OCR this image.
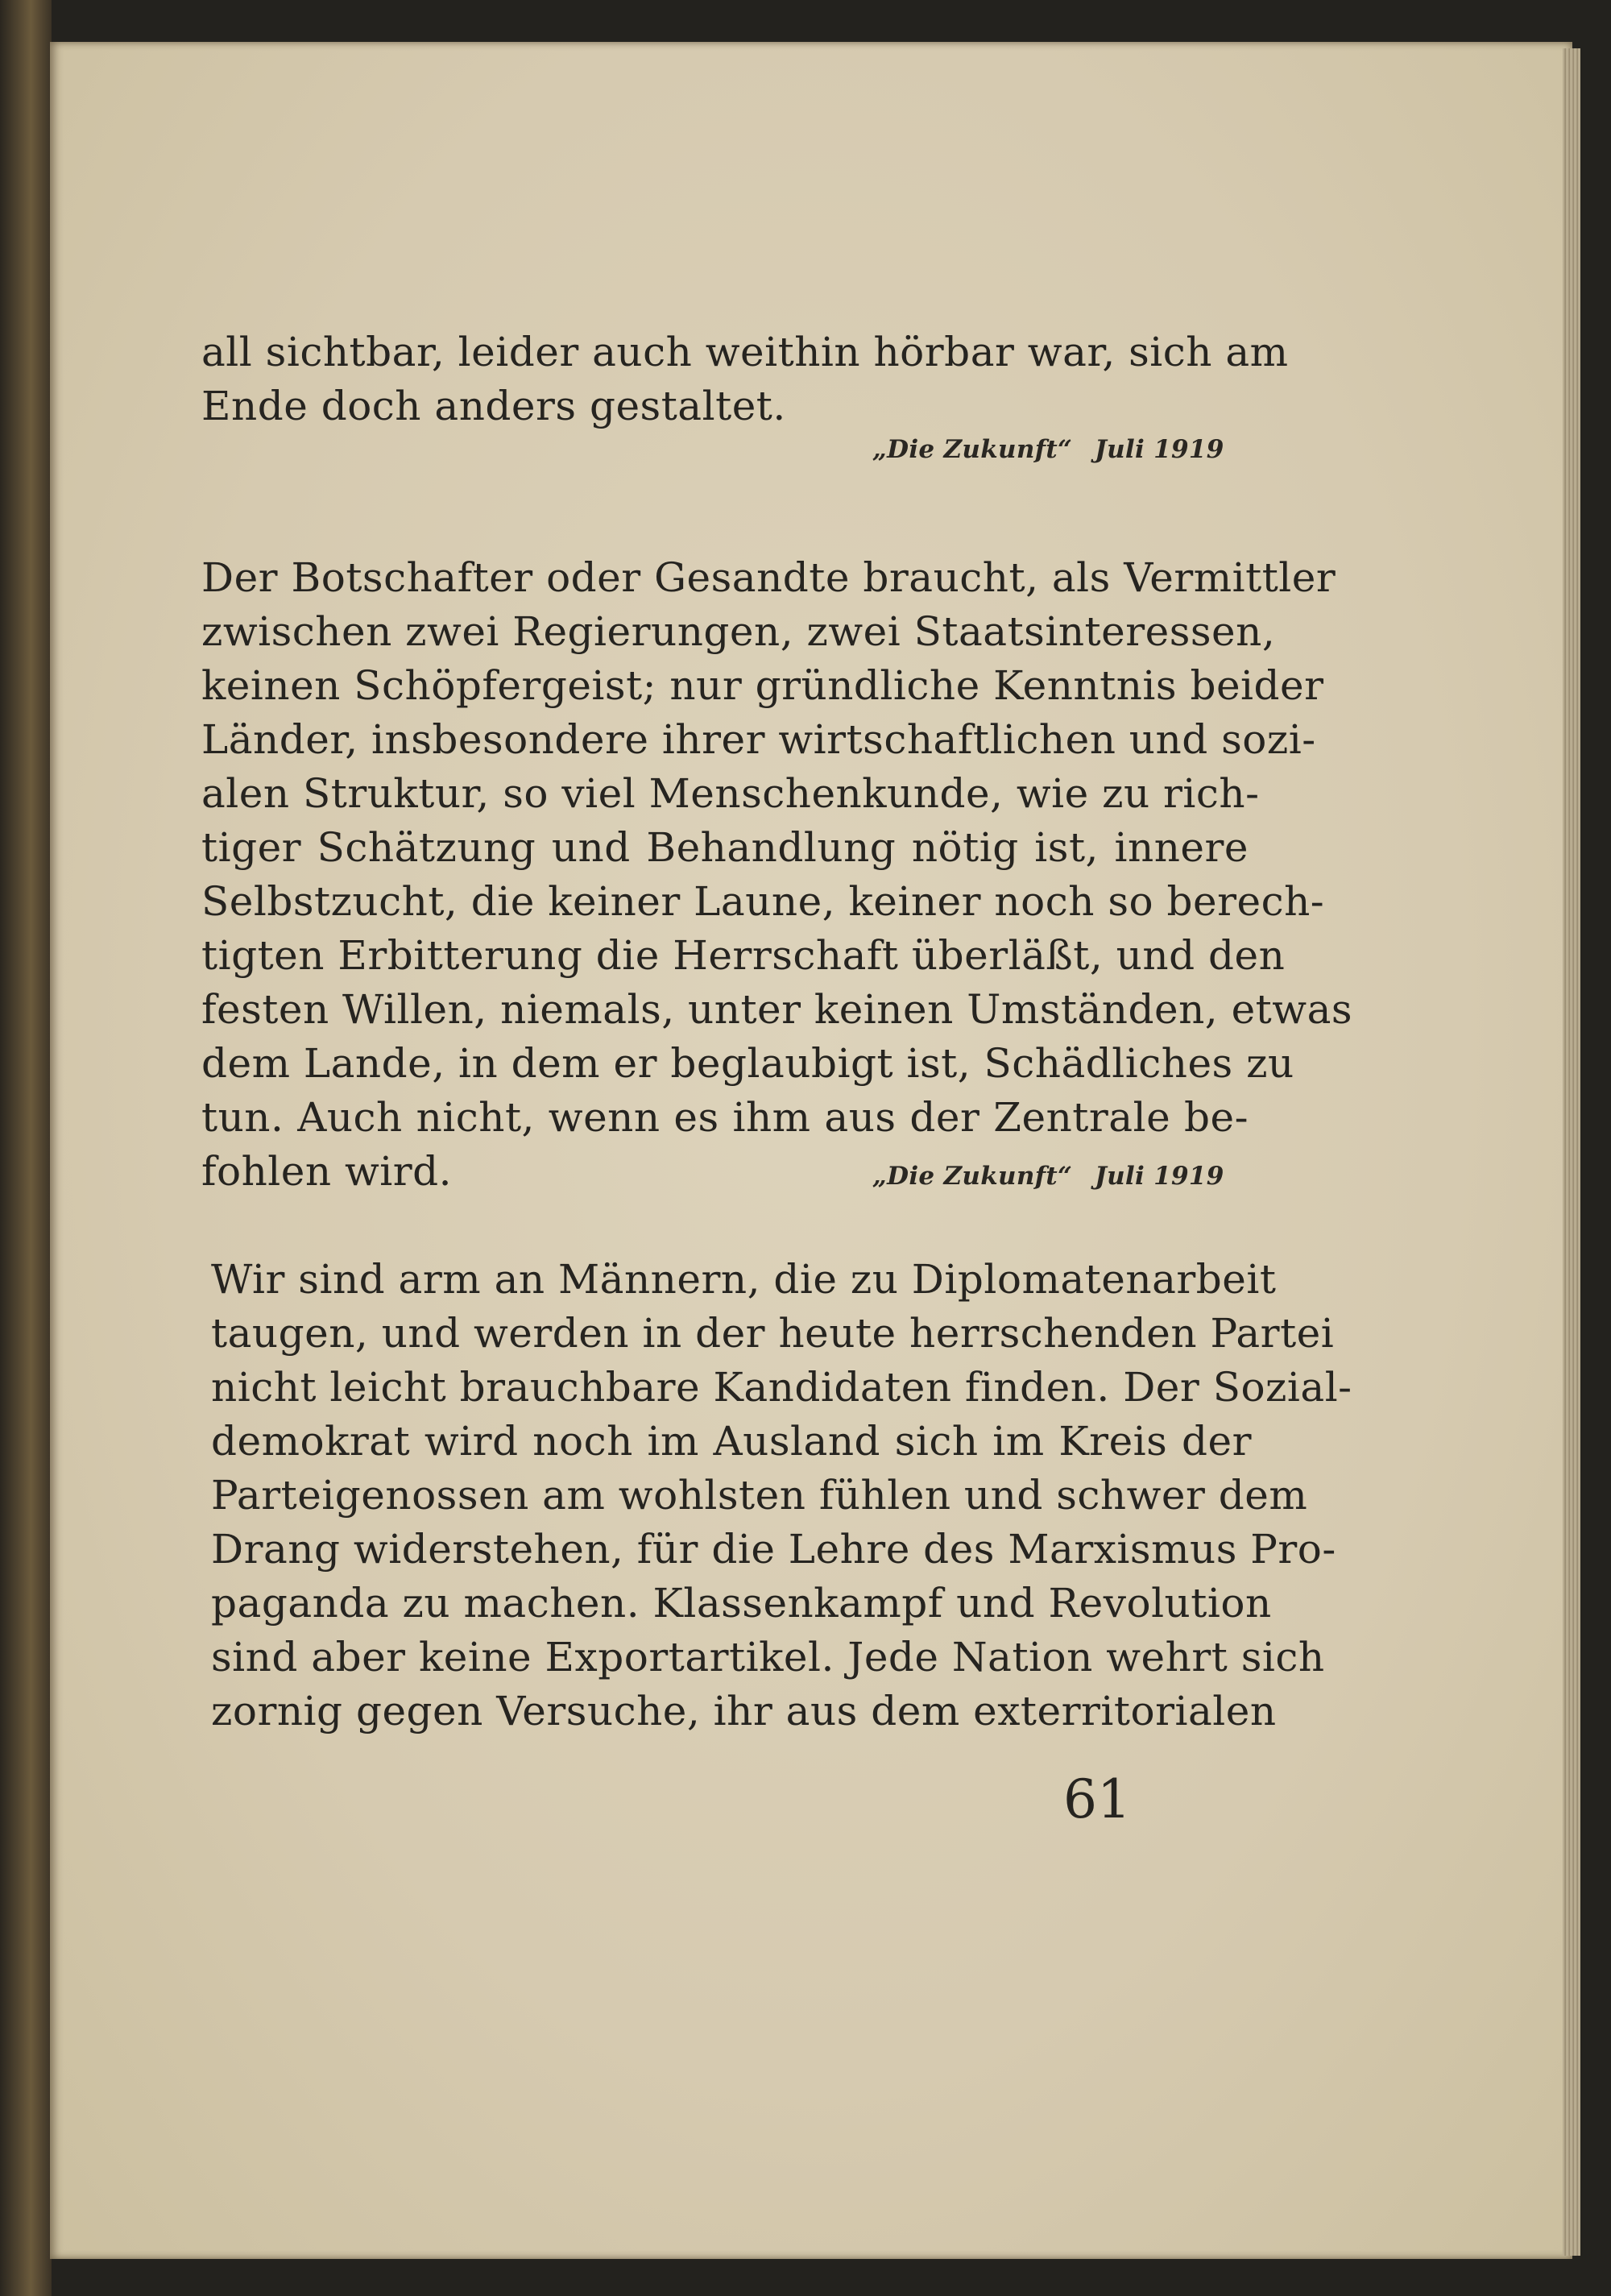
all sichtbar, leider auch weithin hörbar war, sich am
Ende doch anders gestaltet.
„Die Zukunft“ Juli 1919
Der Botschafter oder Gesandte braucht, als Vermittler
zwischen zwei Regierungen, zwei Staatsinteressen,
keinen Schöpfergeist; nur gründliche Kenntnis beider
Länder, insbesondere ihrer wirtschaftlichen und sozi-
alen Struktur, so viel Menschenkunde, wie zu rich-
tiger Schätzung und Behandlung nötig ist, innere
Selbstzucht, die keiner Laune, keiner noch so berech-
tigten Erbitterung die Herrschaft überläßt, und den
festen Willen, niemals, unter keinen Umständen, etwas
dem Lande, in dem er beglaubigt ist, Schädliches zu
tun. Auch nicht, wenn es ihm aus der Zentrale be-
fohlen wird.	„Die Zukunft“ Juli 1919
Wir sind arm an Männern, die zu Diplomatenarbeit
taugen, und werden in der heute herrschenden Partei
nicht leicht brauchbare Kandidaten finden. Der Sozial-
demokrat wird noch im Ausland sich im Kreis der
Parteigenossen am wohlsten fühlen und schwer dem
Drang widerstehen, für die Lehre des Marxismus Pro-
paganda zu machen. Klassenkampf und Revolution
sind aber keine Exportartikel. Jede Nation wehrt sich
zornig gegen Versuche, ihr aus dem exterritorialen
61
